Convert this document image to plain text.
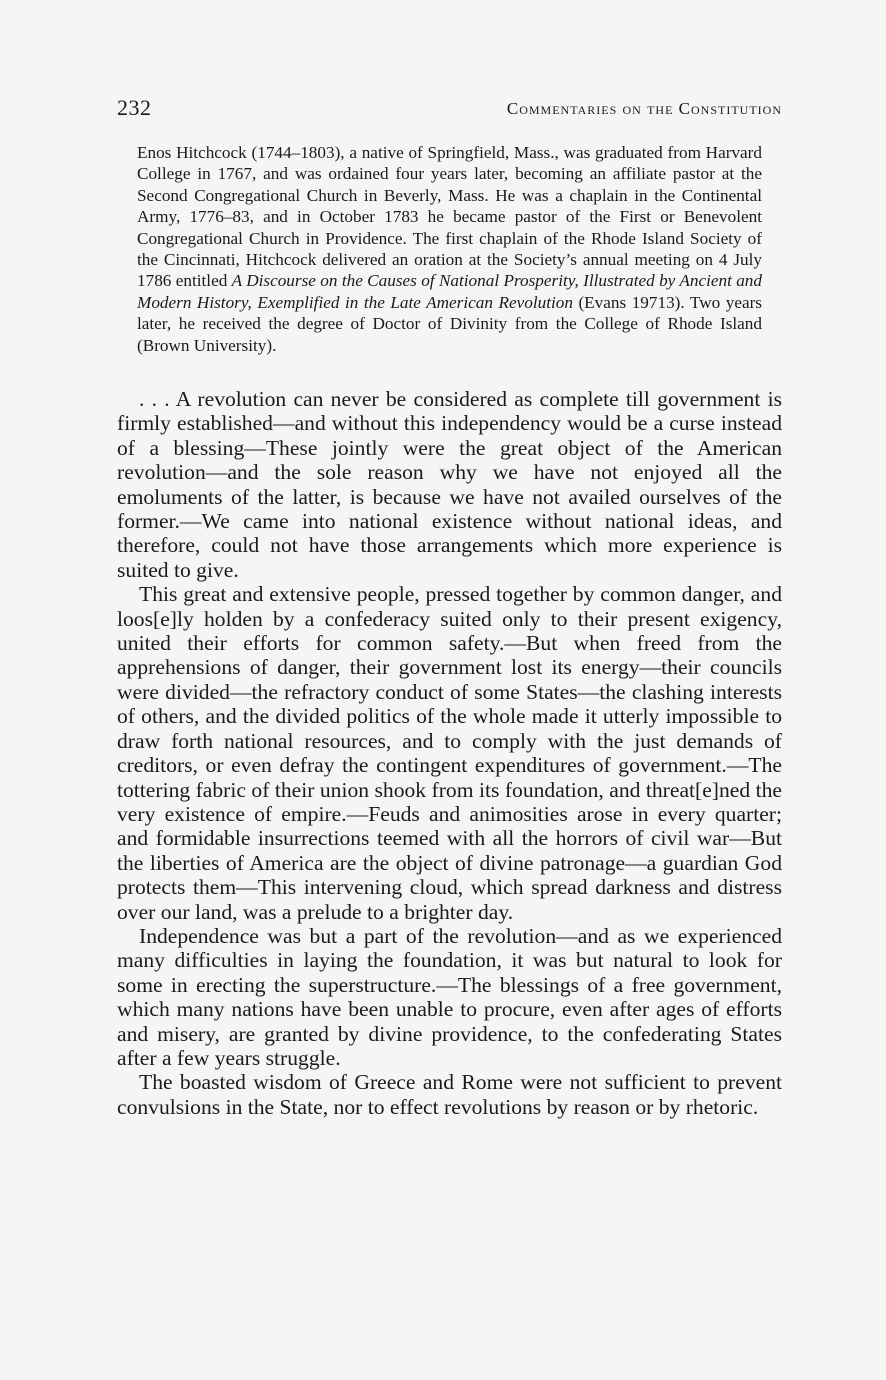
232	Commentaries on the Constitution

Enos Hitchcock (1744–1803), a native of Springfield, Mass., was graduated from Harvard College in 1767, and was ordained four years later, becoming an affiliate pastor at the Second Congregational Church in Beverly, Mass. He was a chaplain in the Continental Army, 1776–83, and in October 1783 he became pastor of the First or Benevolent Congregational Church in Providence. The first chaplain of the Rhode Island Society of the Cincinnati, Hitchcock delivered an oration at the Society’s annual meeting on 4 July 1786 entitled A Discourse on the Causes of National Prosperity, Illustrated by Ancient and Modern History, Exemplified in the Late American Revolution (Evans 19713). Two years later, he received the degree of Doctor of Divinity from the College of Rhode Island (Brown University).

. . . A revolution can never be considered as complete till government is firmly established—and without this independency would be a curse instead of a blessing—These jointly were the great object of the American revolution—and the sole reason why we have not enjoyed all the emoluments of the latter, is because we have not availed ourselves of the former.—We came into national existence without national ideas, and therefore, could not have those arrangements which more experience is suited to give.

This great and extensive people, pressed together by common danger, and loos[e]ly holden by a confederacy suited only to their present exigency, united their efforts for common safety.—But when freed from the apprehensions of danger, their government lost its energy—their councils were divided—the refractory conduct of some States—the clashing interests of others, and the divided politics of the whole made it utterly impossible to draw forth national resources, and to comply with the just demands of creditors, or even defray the contingent expenditures of government.—The tottering fabric of their union shook from its foundation, and threat[e]ned the very existence of empire.—Feuds and animosities arose in every quarter; and formidable insurrections teemed with all the horrors of civil war—But the liberties of America are the object of divine patronage—a guardian God protects them—This intervening cloud, which spread darkness and distress over our land, was a prelude to a brighter day.

Independence was but a part of the revolution—and as we experienced many difficulties in laying the foundation, it was but natural to look for some in erecting the superstructure.—The blessings of a free government, which many nations have been unable to procure, even after ages of efforts and misery, are granted by divine providence, to the confederating States after a few years struggle.

The boasted wisdom of Greece and Rome were not sufficient to prevent convulsions in the State, nor to effect revolutions by reason or by rhetoric.
